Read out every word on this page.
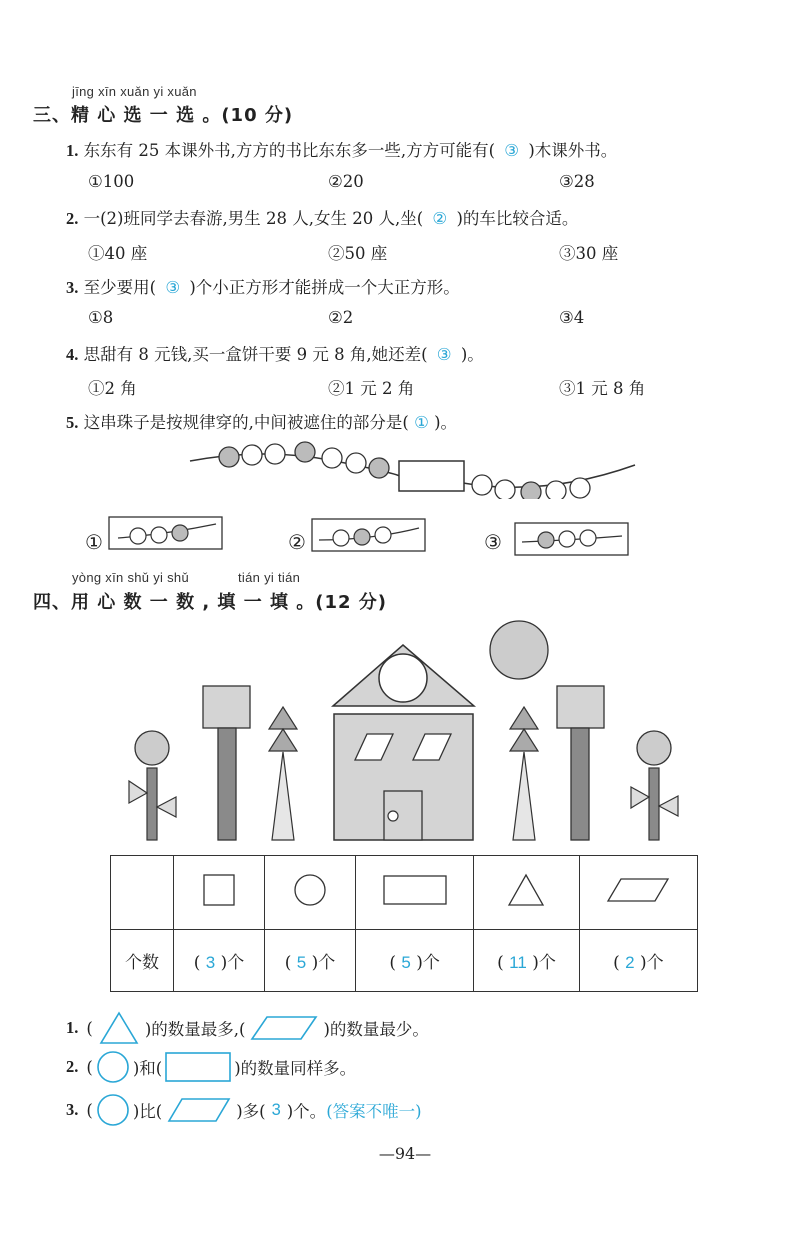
jīng xīn xuǎn yi xuǎn
三、精 心 选 一 选 。(10 分)
1. 东东有 25 本课外书,方方的书比东东多一些,方方可能有( ③ )木课外书。
①100	②20	③28
2. 一(2)班同学去春游,男生 28 人,女生 20 人,坐( ② )的车比较合适。
①40 座	②50 座	③30 座
3. 至少要用( ③ )个小正方形才能拼成一个大正方形。
①8	②2	③4
4. 思甜有 8 元钱,买一盒饼干要 9 元 8 角,她还差( ③ )。
①2 角	②1 元 2 角	③1 元 8 角
5. 这串珠子是按规律穿的,中间被遮住的部分是( ① )。
①	②	③
yòng xīn shǔ yi shǔ	tián yi tián
四、用 心 数 一 数 , 填 一 填 。(12 分)

个数	( 3 )个	( 5 )个	( 5 )个	( 11 )个	( 2 )个
1. (	)的数量最多,(	)的数量最少。
2. ( )和(	)的数量同样多。
3. ( )比(	)多( 3 )个。 (答案不唯一)
—94—
